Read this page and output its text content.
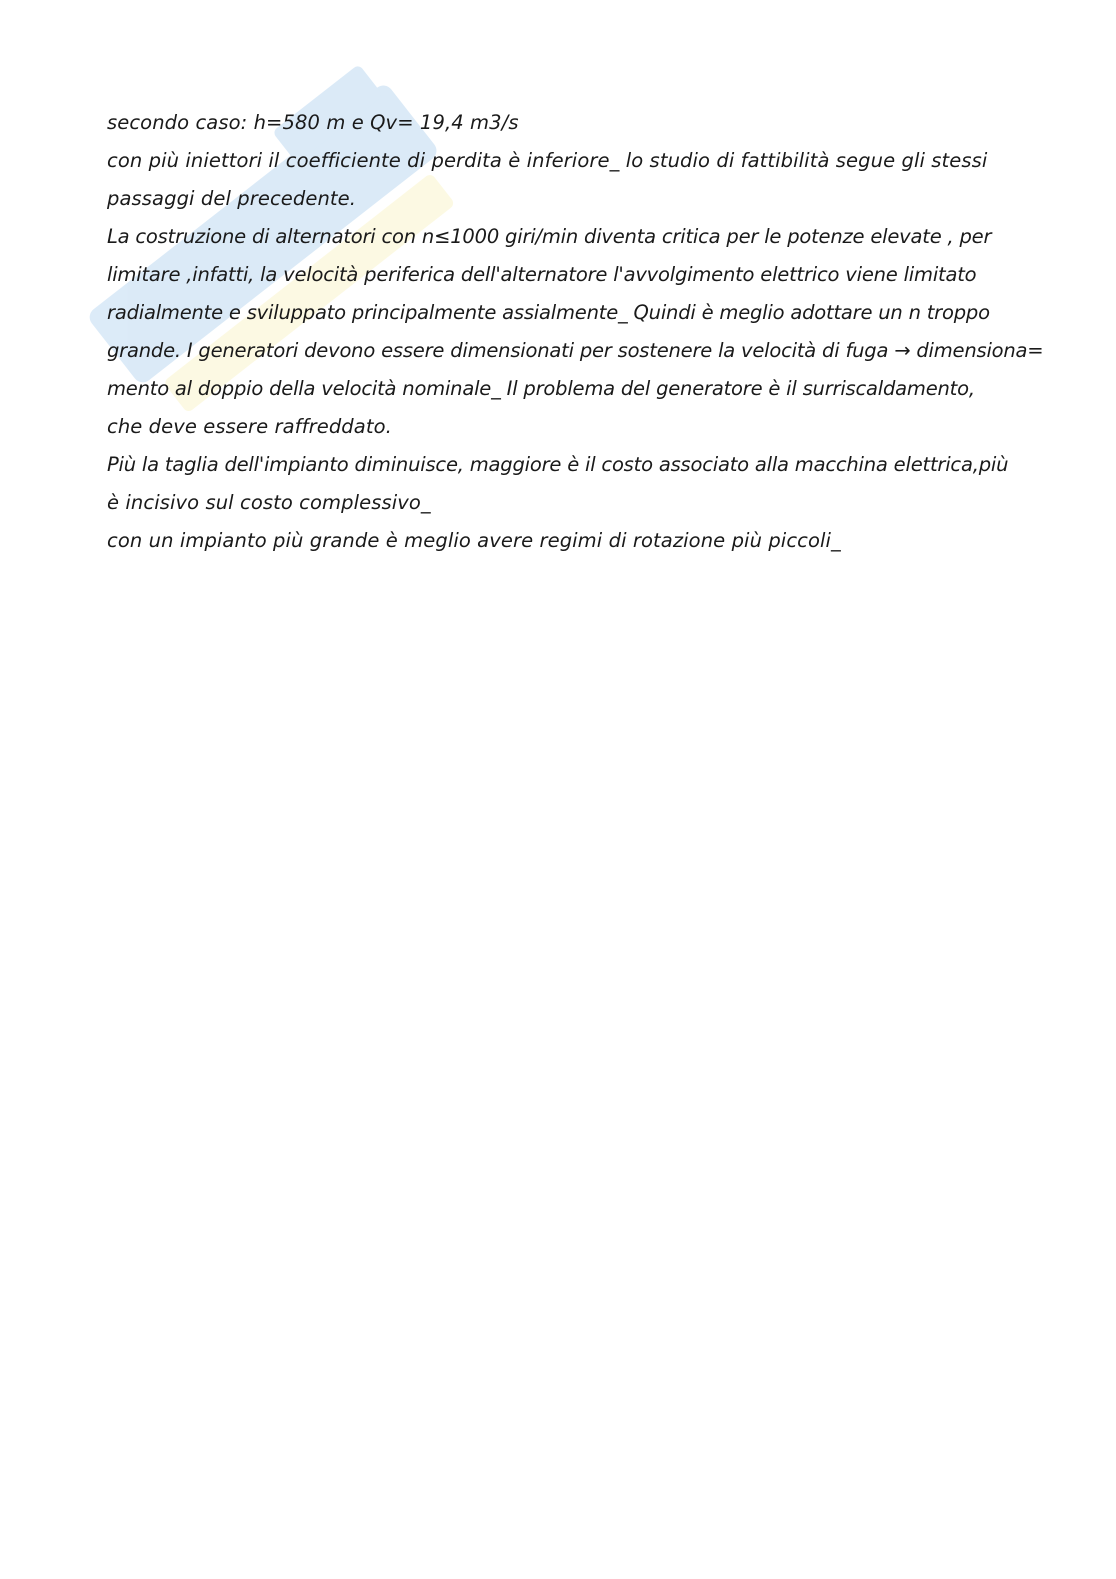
secondo caso: h=580 m e Qv= 19,4 m3/s
con più iniettori il coefficiente di perdita è inferiore_ lo studio di fattibilità segue gli stessi
passaggi del precedente.
La costruzione di alternatori con n≤1000 giri/min diventa critica per le potenze elevate , per
limitare ,infatti, la velocità periferica dell'alternatore l'avvolgimento elettrico viene limitato
radialmente e sviluppato principalmente assialmente_ Quindi è meglio adottare un n troppo
grande. I generatori devono essere dimensionati per sostenere la velocità di fuga → dimensiona=
mento al doppio della velocità nominale_ Il problema del generatore è il surriscaldamento,
che deve essere raffreddato.
Più la taglia dell'impianto diminuisce, maggiore è il costo associato alla macchina elettrica,più
è incisivo sul costo complessivo_
con un impianto più grande è meglio avere regimi di rotazione più piccoli_
